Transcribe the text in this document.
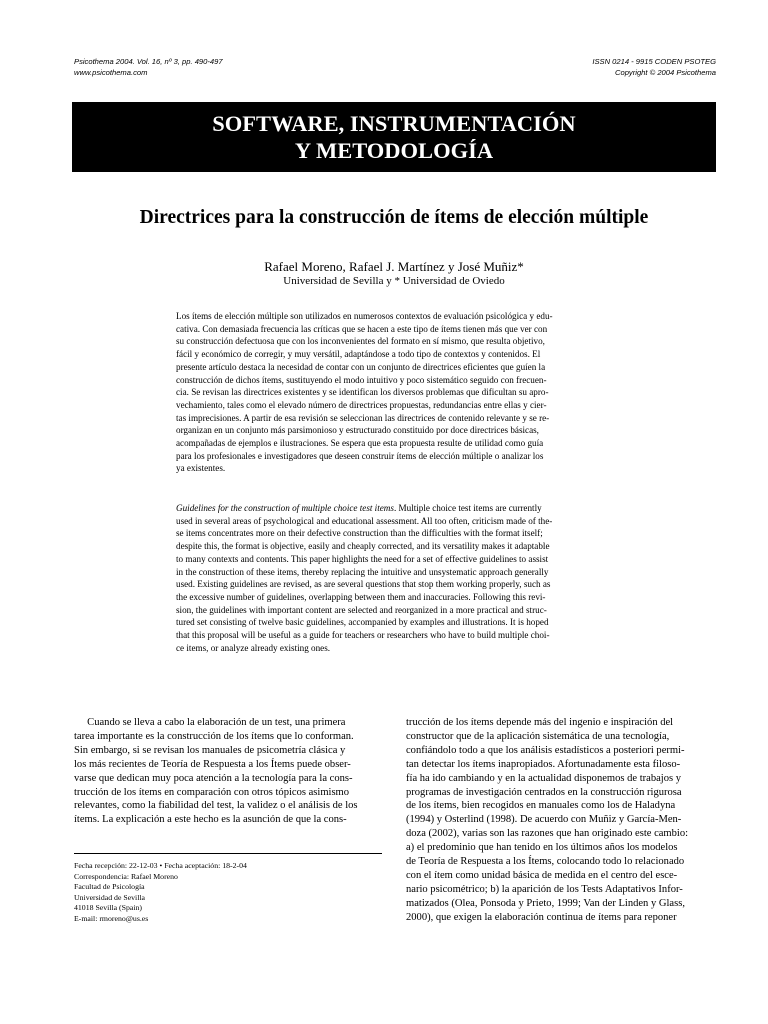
Psicothema 2004. Vol. 16, nº 3, pp. 490-497
www.psicothema.com
ISSN 0214 - 9915 CODEN PSOTEG
Copyright © 2004 Psicothema
SOFTWARE, INSTRUMENTACIÓN
Y METODOLOGÍA
Directrices para la construcción de ítems de elección múltiple
Rafael Moreno, Rafael J. Martínez y José Muñiz*
Universidad de Sevilla y * Universidad de Oviedo
Los ítems de elección múltiple son utilizados en numerosos contextos de evaluación psicológica y edu-
cativa. Con demasiada frecuencia las críticas que se hacen a este tipo de ítems tienen más que ver con
su construcción defectuosa que con los inconvenientes del formato en sí mismo, que resulta objetivo,
fácil y económico de corregir, y muy versátil, adaptándose a todo tipo de contextos y contenidos. El
presente artículo destaca la necesidad de contar con un conjunto de directrices eficientes que guíen la
construcción de dichos ítems, sustituyendo el modo intuitivo y poco sistemático seguido con frecuen-
cia. Se revisan las directrices existentes y se identifican los diversos problemas que dificultan su apro-
vechamiento, tales como el elevado número de directrices propuestas, redundancias entre ellas y cier-
tas imprecisiones. A partir de esa revisión se seleccionan las directrices de contenido relevante y se re-
organizan en un conjunto más parsimonioso y estructurado constituido por doce directrices básicas,
acompañadas de ejemplos e ilustraciones. Se espera que esta propuesta resulte de utilidad como guía
para los profesionales e investigadores que deseen construir ítems de elección múltiple o analizar los
ya existentes.
Guidelines for the construction of multiple choice test items. Multiple choice test items are currently
used in several areas of psychological and educational assessment. All too often, criticism made of the-
se items concentrates more on their defective construction than the difficulties with the format itself;
despite this, the format is objective, easily and cheaply corrected, and its versatility makes it adaptable
to many contexts and contents. This paper highlights the need for a set of effective guidelines to assist
in the construction of these items, thereby replacing the intuitive and unsystematic approach generally
used. Existing guidelines are revised, as are several questions that stop them working properly, such as
the excessive number of guidelines, overlapping between them and inaccuracies. Following this revi-
sion, the guidelines with important content are selected and reorganized in a more practical and struc-
tured set consisting of twelve basic guidelines, accompanied by examples and illustrations. It is hoped
that this proposal will be useful as a guide for teachers or researchers who have to build multiple choi-
ce items, or analyze already existing ones.
Cuando se lleva a cabo la elaboración de un test, una primera
tarea importante es la construcción de los ítems que lo conforman.
Sin embargo, si se revisan los manuales de psicometría clásica y
los más recientes de Teoría de Respuesta a los Ítems puede obser-
varse que dedican muy poca atención a la tecnología para la cons-
trucción de los ítems en comparación con otros tópicos asimismo
relevantes, como la fiabilidad del test, la validez o el análisis de los
ítems. La explicación a este hecho es la asunción de que la cons-
Fecha recepción: 22-12-03 • Fecha aceptación: 18-2-04
Correspondencia: Rafael Moreno
Facultad de Psicología
Universidad de Sevilla
41018 Sevilla (Spain)
E-mail: rmoreno@us.es
trucción de los ítems depende más del ingenio e inspiración del
constructor que de la aplicación sistemática de una tecnología,
confiándolo todo a que los análisis estadísticos a posteriori permi-
tan detectar los ítems inapropiados. Afortunadamente esta filoso-
fía ha ido cambiando y en la actualidad disponemos de trabajos y
programas de investigación centrados en la construcción rigurosa
de los ítems, bien recogidos en manuales como los de Haladyna
(1994) y Osterlind (1998). De acuerdo con Muñiz y García-Men-
doza (2002), varias son las razones que han originado este cambio:
a) el predominio que han tenido en los últimos años los modelos
de Teoría de Respuesta a los Ítems, colocando todo lo relacionado
con el ítem como unidad básica de medida en el centro del esce-
nario psicométrico; b) la aparición de los Tests Adaptativos Infor-
matizados (Olea, Ponsoda y Prieto, 1999; Van der Linden y Glass,
2000), que exigen la elaboración continua de ítems para reponer
